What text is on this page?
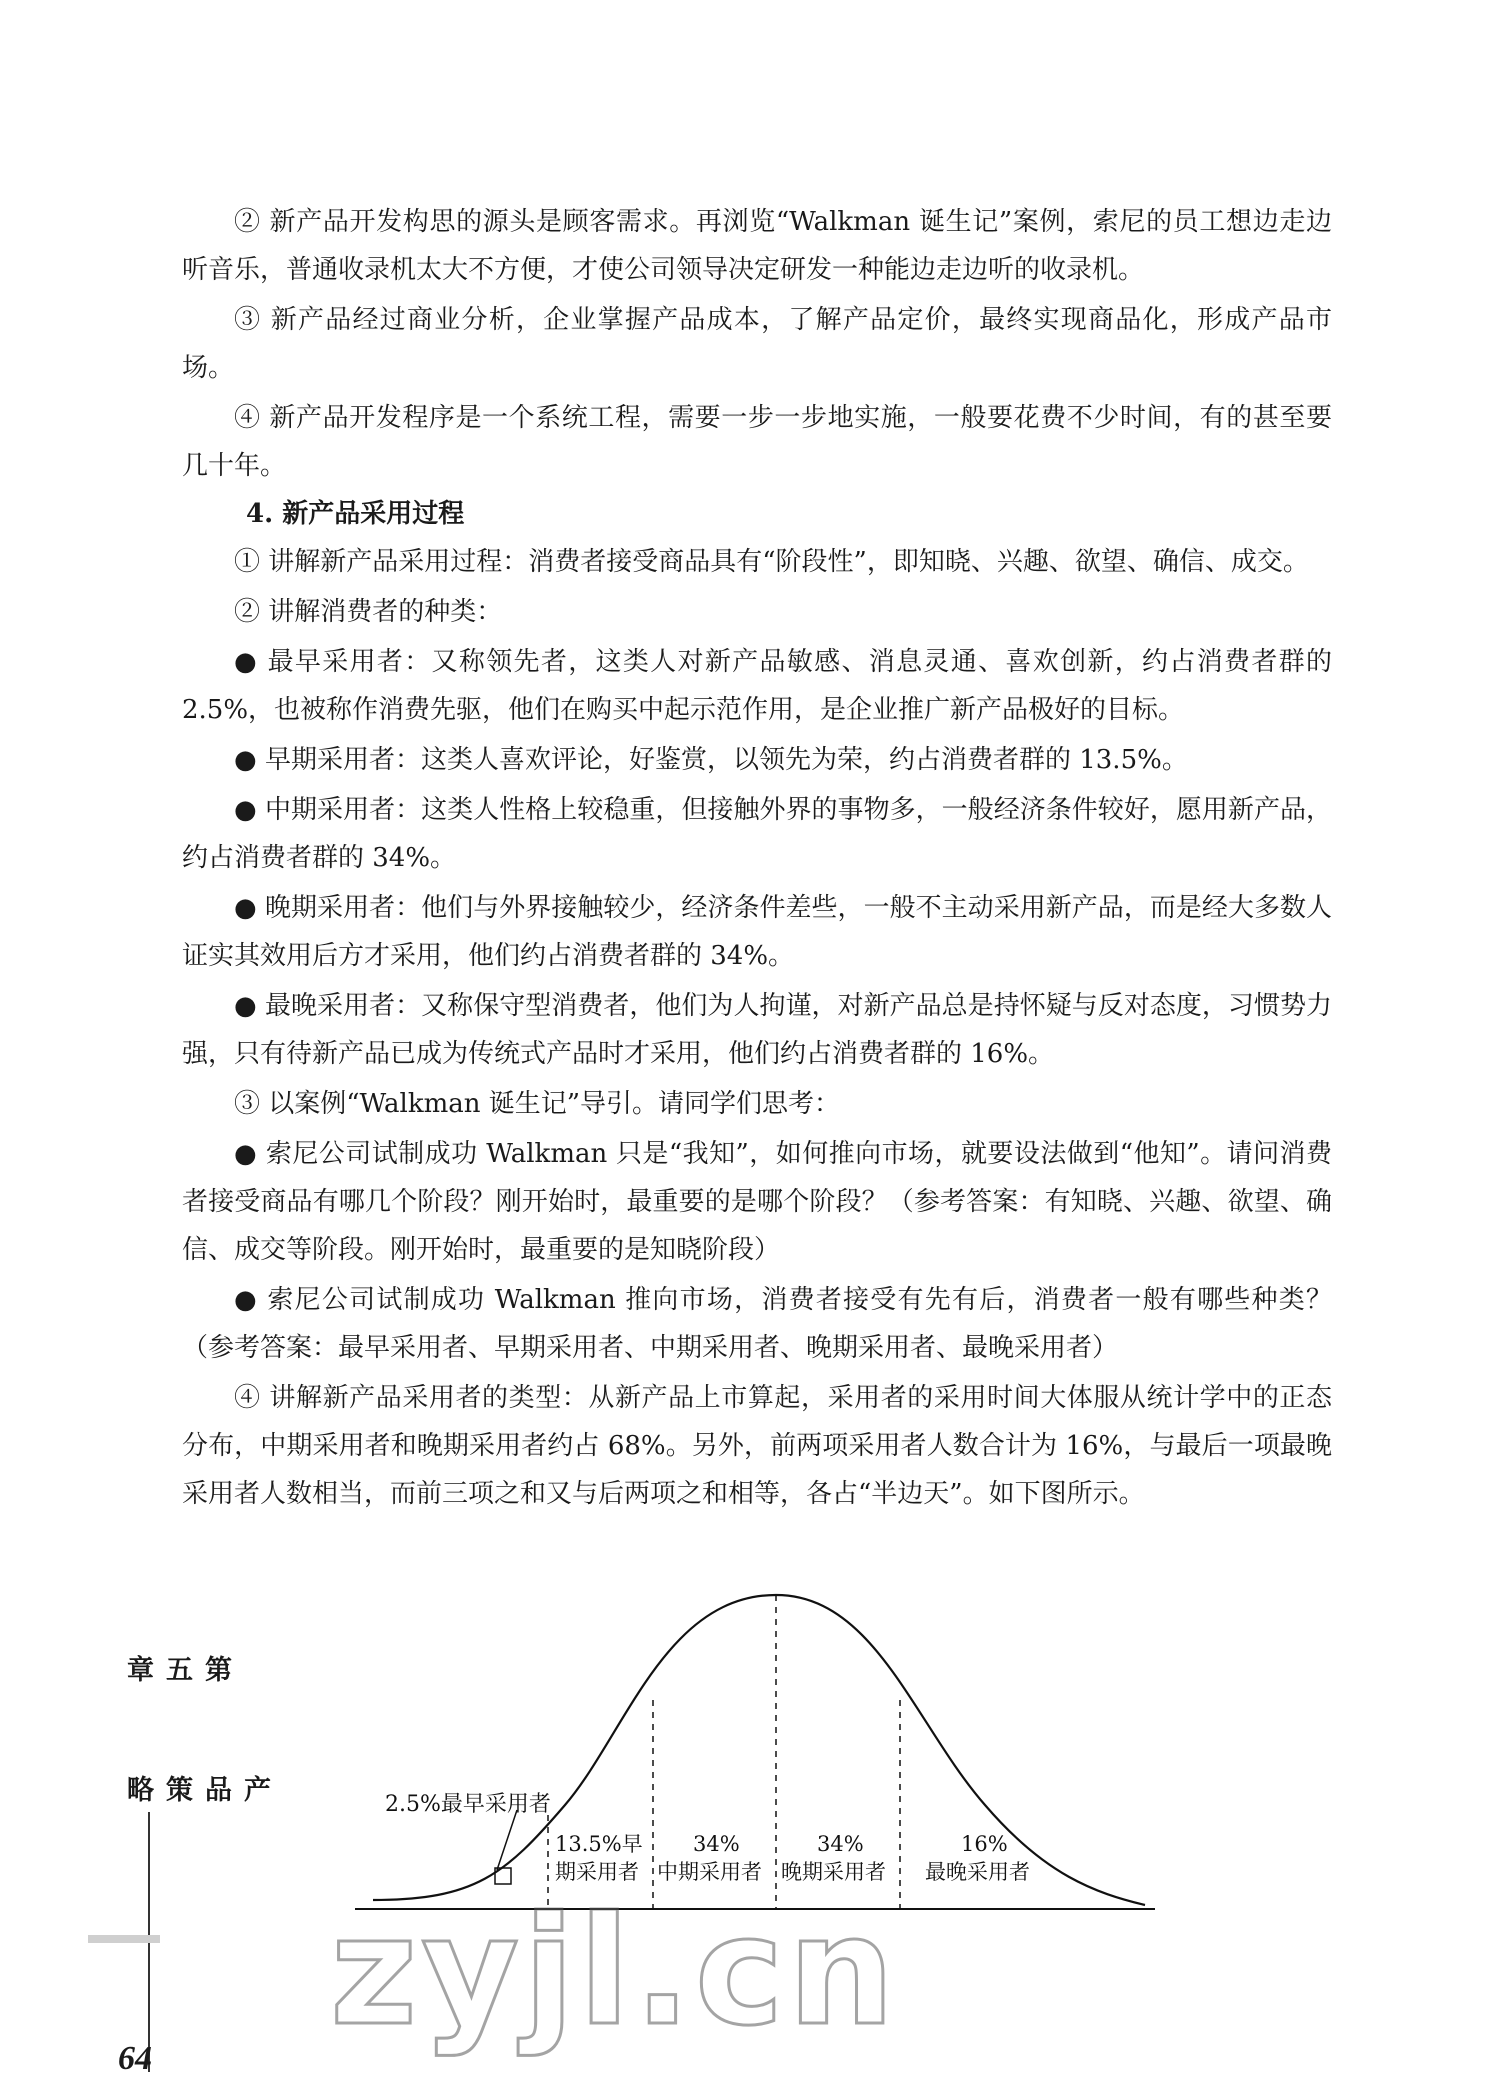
② 新产品开发构思的源头是顾客需求。再浏览“Walkman 诞生记”案例，索尼的员工想边走边听音乐，普通收录机太大不方便，才使公司领导决定研发一种能边走边听的收录机。

③ 新产品经过商业分析，企业掌握产品成本，了解产品定价，最终实现商品化，形成产品市场。

④ 新产品开发程序是一个系统工程，需要一步一步地实施，一般要花费不少时间，有的甚至要几十年。

4. 新产品采用过程

① 讲解新产品采用过程：消费者接受商品具有“阶段性”，即知晓、兴趣、欲望、确信、成交。

② 讲解消费者的种类：

● 最早采用者：又称领先者，这类人对新产品敏感、消息灵通、喜欢创新，约占消费者群的 2.5%，也被称作消费先驱，他们在购买中起示范作用，是企业推广新产品极好的目标。

● 早期采用者：这类人喜欢评论，好鉴赏，以领先为荣，约占消费者群的 13.5%。

● 中期采用者：这类人性格上较稳重，但接触外界的事物多，一般经济条件较好，愿用新产品，约占消费者群的 34%。

● 晚期采用者：他们与外界接触较少，经济条件差些，一般不主动采用新产品，而是经大多数人证实其效用后方才采用，他们约占消费者群的 34%。

● 最晚采用者：又称保守型消费者，他们为人拘谨，对新产品总是持怀疑与反对态度，习惯势力强，只有待新产品已成为传统式产品时才采用，他们约占消费者群的 16%。

③ 以案例“Walkman 诞生记”导引。请同学们思考：

● 索尼公司试制成功 Walkman 只是“我知”，如何推向市场，就要设法做到“他知”。请问消费者接受商品有哪几个阶段？刚开始时，最重要的是哪个阶段？（参考答案：有知晓、兴趣、欲望、确信、成交等阶段。刚开始时，最重要的是知晓阶段）

● 索尼公司试制成功 Walkman 推向市场，消费者接受有先有后，消费者一般有哪些种类？（参考答案：最早采用者、早期采用者、中期采用者、晚期采用者、最晚采用者）

④ 讲解新产品采用者的类型：从新产品上市算起，采用者的采用时间大体服从统计学中的正态分布，中期采用者和晚期采用者约占 68%。另外，前两项采用者人数合计为 16%，与最后一项最晚采用者人数相当，而前三项之和又与后两项之和相等，各占“半边天”。如下图所示。

2.5%最早采用者
13.5%早
期采用者
34%
中期采用者
34%
晚期采用者
16%
最晚采用者
第五章
产品策略
64 zyjl.cn
